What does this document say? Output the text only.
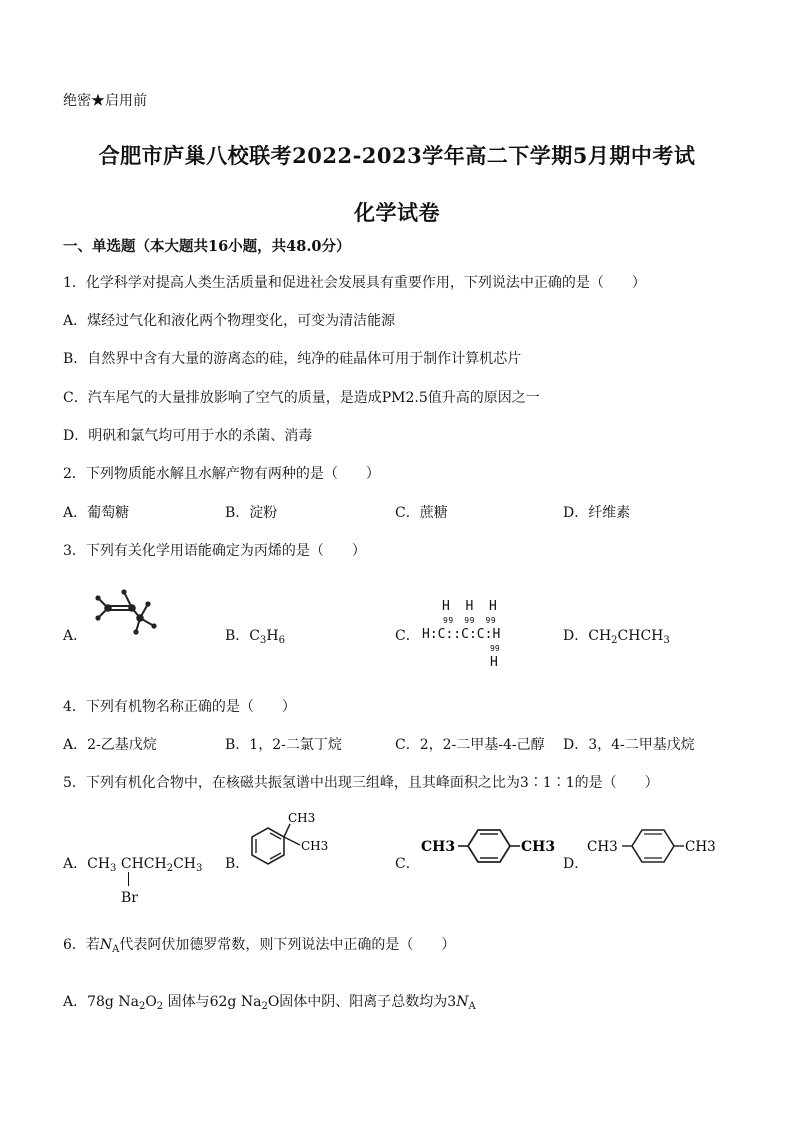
绝密★启用前
合肥市庐巢八校联考2022-2023学年高二下学期5月期中考试
化学试卷
一、单选题（本大题共16小题，共48.0分）
1．化学科学对提高人类生活质量和促进社会发展具有重要作用，下列说法中正确的是（　　）
A．煤经过气化和液化两个物理变化，可变为清洁能源
B．自然界中含有大量的游离态的硅，纯净的硅晶体可用于制作计算机芯片
C．汽车尾气的大量排放影响了空气的质量，是造成PM2.5值升高的原因之一
D．明矾和氯气均可用于水的杀菌、消毒
2．下列物质能水解且水解产物有两种的是（　　）
A．葡萄糖	B．淀粉	C．蔗糖	D．纤维素
3．下列有关化学用语能确定为丙烯的是（　　）
A．	B．$C_3H_6$	C．
H  H  H
99  99  99
H:C::C:C:H
99
H
D．$CH_2CHCH_3$
4．下列有机物名称正确的是（　　）
A．2-乙基戊烷	B．1，2-二氯丁烷	C．2，2-二甲基-4-己醇 D．3，4-二甲基戊烷
5．下列有机化合物中，在核磁共振氢谱中出现三组峰，且其峰面积之比为3∶1∶1的是（　　）
A．$CH_3$ $CHCH_2CH_3$
Br
B．
CH3
CH3
C．
CH3	CH3
D．
CH3	CH3
6．若$N_A$代表阿伏加德罗常数，则下列说法中正确的是（　　）
A．78g $Na_2O_2$ 固体与62g $Na_2O$固体中阴、阳离子总数均为$3N_A$
